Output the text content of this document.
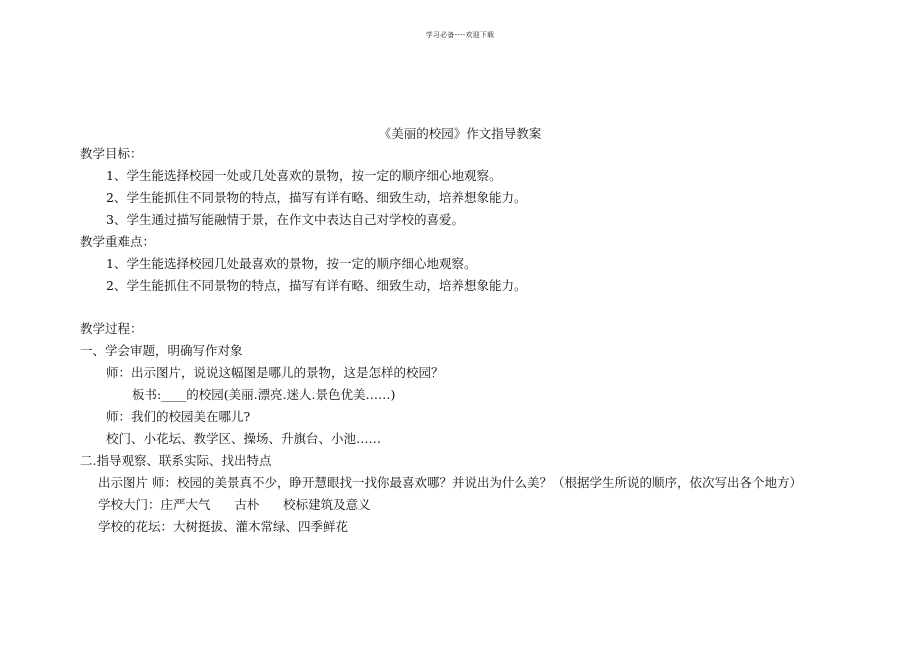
学习必备----欢迎下载
《美丽的校园》作文指导教案
教学目标：
1、学生能选择校园一处或几处喜欢的景物，按一定的顺序细心地观察。
2、学生能抓住不同景物的特点，描写有详有略、细致生动，培养想象能力。
3、学生通过描写能融情于景，在作文中表达自己对学校的喜爱。
教学重难点：
1、学生能选择校园几处最喜欢的景物，按一定的顺序细心地观察。
2、学生能抓住不同景物的特点，描写有详有略、细致生动，培养想象能力。
教学过程：
一、学会审题，明确写作对象
师：出示图片，说说这幅图是哪儿的景物，这是怎样的校园？
板书:____的校园(美丽.漂亮.迷人.景色优美……)
师：我们的校园美在哪儿?
校门、小花坛、教学区、操场、升旗台、小池……
二.指导观察、联系实际、找出特点
出示图片 师：校园的美景真不少，睁开慧眼找一找你最喜欢哪？并说出为什么美？（根据学生所说的顺序，依次写出各个地方）
学校大门：庄严大气      古朴      校标建筑及意义
学校的花坛：大树挺拔、灌木常绿、四季鲜花
